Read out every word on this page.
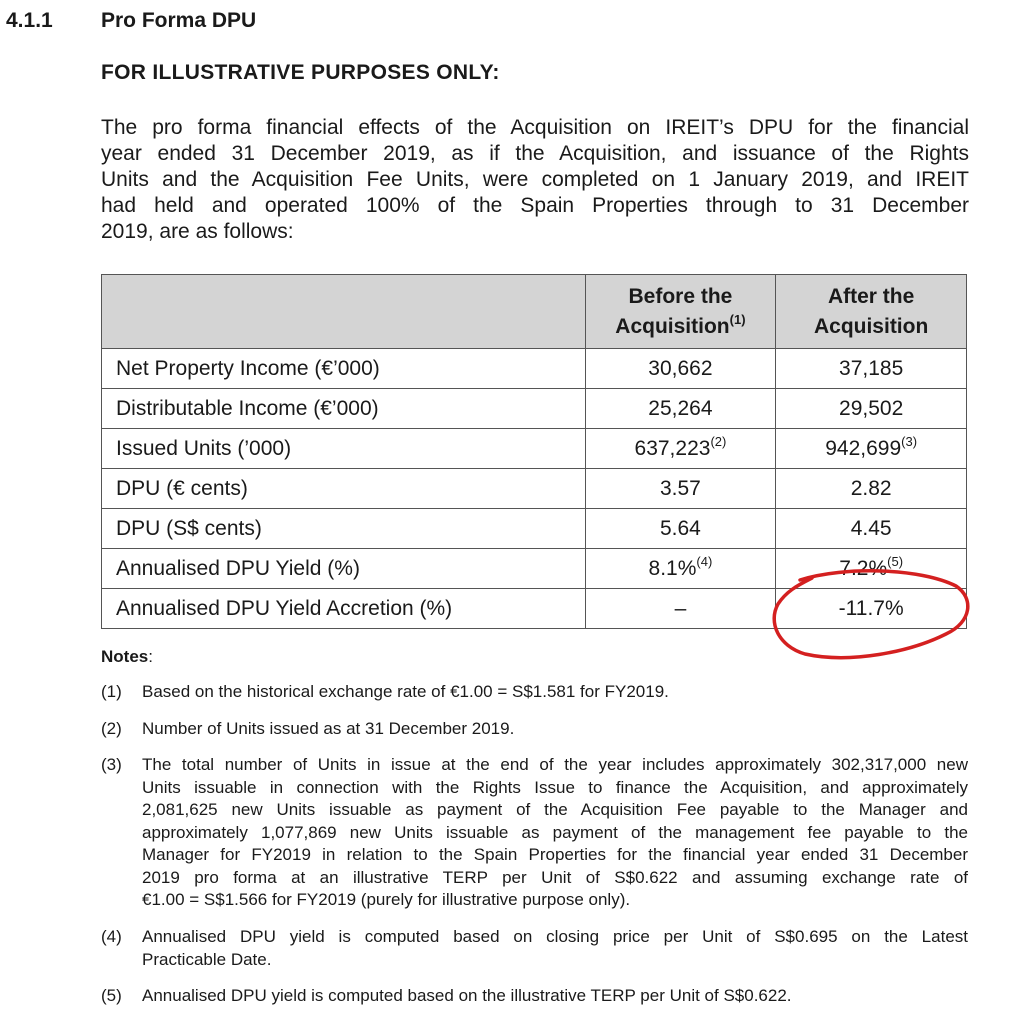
4.1.1 Pro Forma DPU
FOR ILLUSTRATIVE PURPOSES ONLY:
The pro forma financial effects of the Acquisition on IREIT’s DPU for the financial
year ended 31 December 2019, as if the Acquisition, and issuance of the Rights
Units and the Acquisition Fee Units, were completed on 1 January 2019, and IREIT
had held and operated 100% of the Spain Properties through to 31 December
2019, are as follows:
	Before the
Acquisition$^{(1)}$	After the
Acquisition
Net Property Income (€’000)	30,662	37,185
Distributable Income (€’000)	25,264	29,502
Issued Units (’000)	637,223$^{(2)}$	942,699$^{(3)}$
DPU (€ cents)	3.57	2.82
DPU (S$ cents)	5.64	4.45
Annualised DPU Yield (%)	8.1%$^{(4)}$	7.2%$^{(5)}$
Annualised DPU Yield Accretion (%)	–	-11.7%
Notes:
(1) Based on the historical exchange rate of €1.00 = S$1.581 for FY2019.
(2) Number of Units issued as at 31 December 2019.
(3) The total number of Units in issue at the end of the year includes approximately 302,317,000 new
Units issuable in connection with the Rights Issue to finance the Acquisition, and approximately
2,081,625 new Units issuable as payment of the Acquisition Fee payable to the Manager and
approximately 1,077,869 new Units issuable as payment of the management fee payable to the
Manager for FY2019 in relation to the Spain Properties for the financial year ended 31 December
2019 pro forma at an illustrative TERP per Unit of S$0.622 and assuming exchange rate of
€1.00 = S$1.566 for FY2019 (purely for illustrative purpose only).
(4) Annualised DPU yield is computed based on closing price per Unit of S$0.695 on the Latest
Practicable Date.
(5) Annualised DPU yield is computed based on the illustrative TERP per Unit of S$0.622.
